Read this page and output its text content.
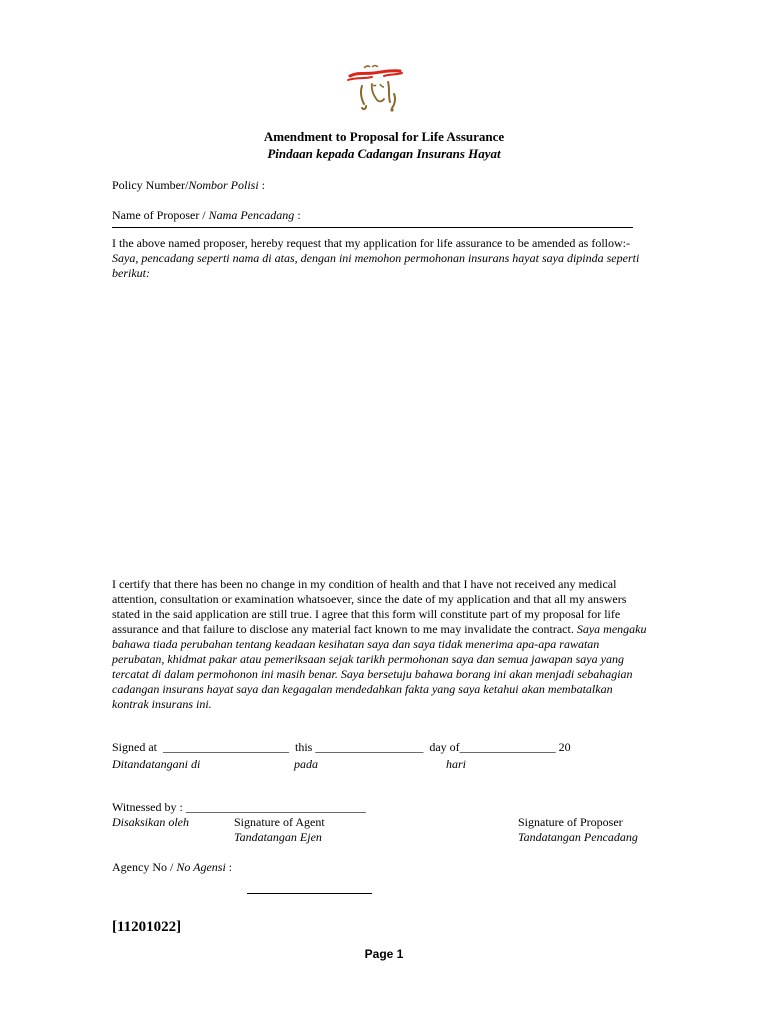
Amendment to Proposal for Life Assurance
Pindaan kepada Cadangan Insurans Hayat
Policy Number/Nombor Polisi :
Name of Proposer / Nama Pencadang :
I the above named proposer, hereby request that my application for life assurance to be amended as follow:-
Saya, pencadang seperti nama di atas, dengan ini memohon permohonan insurans hayat saya dipinda seperti berikut:
I certify that there has been no change in my condition of health and that I have not received any medical attention, consultation or examination whatsoever, since the date of my application and that all my answers stated in the said application are still true. I agree that this form will constitute part of my proposal for life assurance and that failure to disclose any material fact known to me may invalidate the contract. Saya mengaku bahawa tiada perubahan tentang keadaan kesihatan saya dan saya tidak menerima apa-apa rawatan perubatan, khidmat pakar atau pemeriksaan sejak tarikh permohonan saya dan semua jawapan saya yang tercatat di dalam permohonon ini masih benar. Saya bersetuju bahawa borang ini akan menjadi sebahagian cadangan insurans hayat saya dan kegagalan mendedahkan fakta yang saya ketahui akan membatalkan kontrak insurans ini.
Signed at  _____________________  this __________________  day of________________ 20
Ditandatangani di	pada	hari
Witnessed by : ______________________________
Disaksikan oleh	Signature of Agent
Tandatangan Ejen
Signature of Proposer
Tandatangan Pencadang
Agency No / No Agensi :
[11201022]
Page 1
